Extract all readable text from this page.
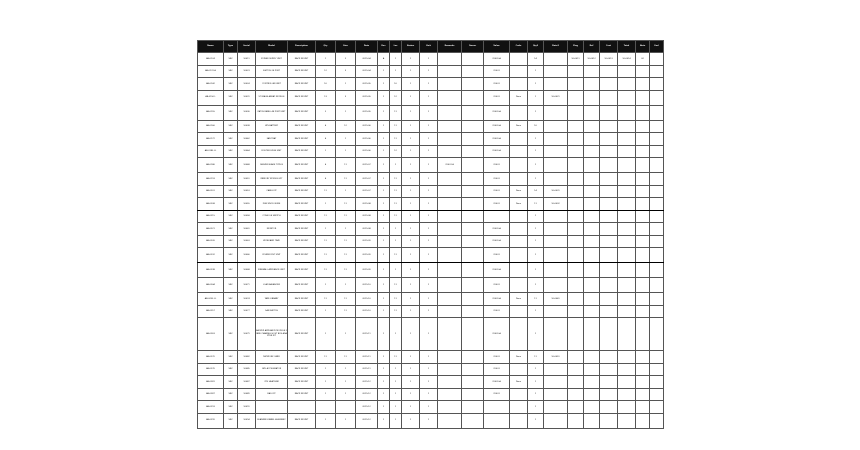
Name	Type	Serial	Model	Description	Qty	Size	Date	Rev	Loc	Status	Unit	Remarks	Owner	Value	Code	Qty2	Date2	Flag	Ref	Cost	Total	Note	End
AB-0124	SRV	10011	POWER SUPPLY UNIT	RACK MOUNT	1	2	2019-04	A	1	1	1			C0001-A		14		10-0011	10-0012	10-0013	10-0014	02	
AB-0131 A	SRV	10023	SWITCH 24 PORT	RACK MOUNT	12	3	2019-04	1	1	1	1			C0001		1							
AB-0142	SRV	10024	CONTROLLER UNIT	RACK MOUNT	10	1	2019-05	1	10	1	1			C0001		1							
AB-0150 L	SRV	10031	STORAGE ARRAY MODULE	RACK MOUNT	13	3	2019-05	1	12	1	1			C0001	Done	1	10-0021						
AB-0155	SRV	10036	PATCH PANEL 48 PORT UNIT	RACK MOUNT	2	1	2019-05	1	11	1	1			C0001-A		1							
AB-0166	SRV	10038	UPS BATTERY	RACK MOUNT	4	12	2019-06	1	11	1	1			C0001-A	Done	10							
AB-0172	SRV	10042	FAN TRAY	RACK MOUNT	4	1	2019-06	1	11	1	1			C0001-A		1							
AB-0180 LL	SRV	10044	ROUTER EDGE UNIT	RACK MOUNT	1	1	2019-06	1	12	1	1			C0001-A		1							
AB-0186	SRV	10048	SERVER BLADE TYPE B	RACK MOUNT	4	11	2019-07	1	1	1	1	C0001 A		C0001		1							
AB-0193	SRV	10051	MEMORY MODULE KIT	RACK MOUNT	4	11	2019-07	1	11	1	1			C0001		1							
AB-0201	SRV	10053	CABLE KIT	RACK MOUNT	11	1	2019-07	1	11	1	1			C0001	Done	14	10-0031						
AB-0208	SRV	10055	DISK ENCLOSURE	RACK MOUNT	1	11	2019-08	1	11	1	1			C0001	Done	11	10-0032						
AB-0215	SRV	10058	CONSOLE SWITCH	RACK MOUNT	11	11	2019-08	1	11	1	1					1							
AB-0221	SRV	10061	MONITOR	RACK MOUNT	1	1	2019-08	1	1	1	1			C0001-A		1							
AB-0226	SRV	10063	KEYBOARD TRAY	RACK MOUNT	11	11	2019-09	1	1	1	1			C0001-A		1							
AB-0232	SRV	10066	POWER DIST UNIT	RACK MOUNT	11	11	2019-09	1	11	1	1			C0001		1							
AB-0238	SRV	10068	FIREWALL APPLIANCE UNIT	RACK MOUNT	11	11	2019-09	1	1	1	1			C0001-A		1							
AB-0244	SRV	10071	LOAD BALANCER	RACK MOUNT	1	1	2019-10	1	11	1	1			C0001		1							
AB-0250 LL	SRV	10074	TAPE LIBRARY	RACK MOUNT	11	11	2019-10	1	11	1	1			C0001-A	Done	11	10-0041						
AB-0257	SRV	10077	SAN SWITCH	RACK MOUNT	1	11	2019-10	1	11	1	1			C0001		1							
AB-0263	SRV	10079	BACKUP APPLIANCE MODULE FIBRE CHANNEL HOST BUS ADAPTER KIT	RACK MOUNT	1	1	2019-11	1	1	1	1			C0001-A		1							
AB-0270	SRV	10082	NETWORK CARD	RACK MOUNT	11	11	2019-11	1	11	1	1			C0001	Done	11	10-0051						
AB-0276	SRV	10085	GPU ACCELERATOR	RACK MOUNT	1	1	2019-11	1	1	1	1			C0001		1							
AB-0281	SRV	10087	CPU HEATSINK	RACK MOUNT	1	1	2019-12	1	1	1	1			C0001-A	Done	1							
AB-0287	SRV	10089	RAIL KIT	RACK MOUNT	1	1	2019-12	1	1	1	1			C0001		1							
AB-0293	SRV	10091					2019-12	1	1	1	1					1							
AB-0299	SRV	10094	BLANKING PANEL ASSEMBLY	RACK MOUNT	1	1	2019-12	1	1	1	1					1							
